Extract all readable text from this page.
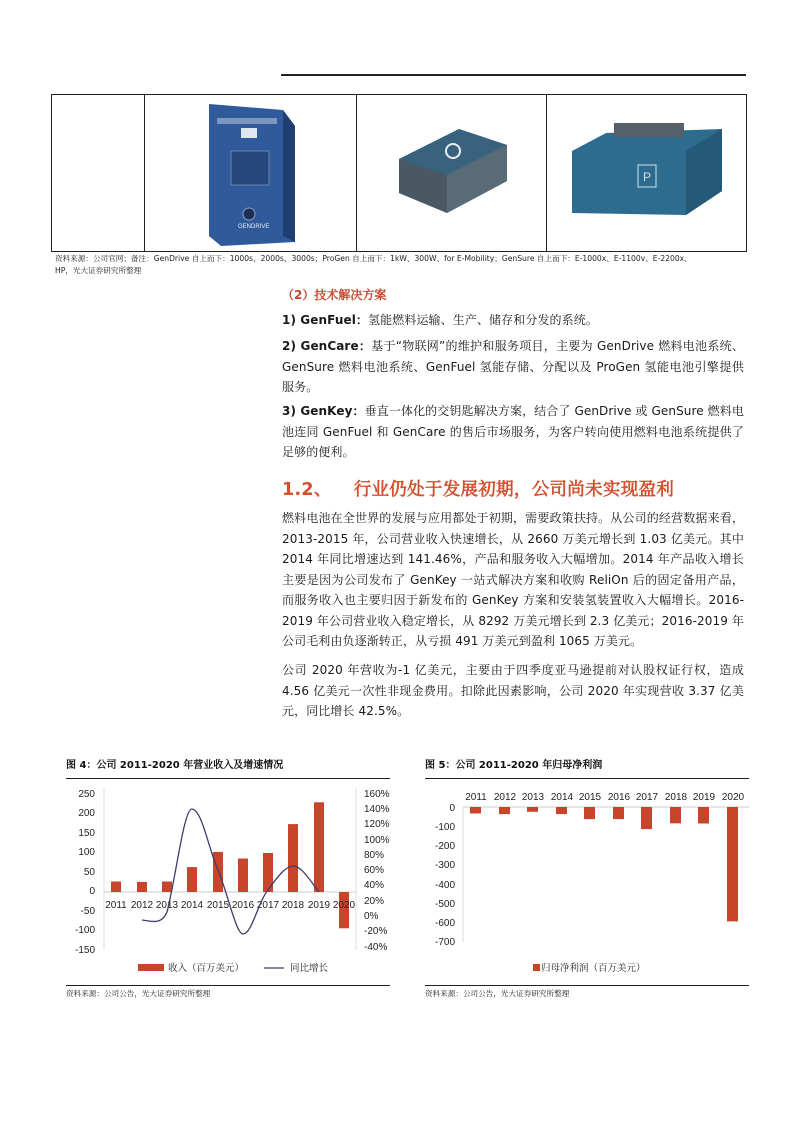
GENDRIVE

P
资料来源：公司官网；备注：GenDrive 自上而下：1000s、2000s、3000s；ProGen 自上而下：1kW、300W、for E-Mobility；GenSure 自上而下：E-1000x、E-1100v、E-2200x、
HP，光大证券研究所整理
（2）技术解决方案

1) GenFuel：氢能燃料运输、生产、储存和分发的系统。

2) GenCare：基于“物联网”的维护和服务项目，主要为 GenDrive 燃料电池系统、GenSure 燃料电池系统、GenFuel 氢能存储、分配以及 ProGen 氢能电池引擎提供服务。

3) GenKey：垂直一体化的交钥匙解决方案，结合了 GenDrive 或 GenSure 燃料电池连同 GenFuel 和 GenCare 的售后市场服务，为客户转向使用燃料电池系统提供了足够的便利。

1.2、 行业仍处于发展初期，公司尚未实现盈利

燃料电池在全世界的发展与应用都处于初期，需要政策扶持。从公司的经营数据来看，2013-2015 年，公司营业收入快速增长，从 2660 万美元增长到 1.03 亿美元。其中 2014 年同比增速达到 141.46%，产品和服务收入大幅增加。2014 年产品收入增长主要是因为公司发布了 GenKey 一站式解决方案和收购 ReliOn 后的固定备用产品，而服务收入也主要归因于新发布的 GenKey 方案和安装氢装置收入大幅增长。2016-2019 年公司营业收入稳定增长，从 8292 万美元增长到 2.3 亿美元；2016-2019 年公司毛利由负逐渐转正，从亏损 491 万美元到盈利 1065 万美元。

公司 2020 年营收为-1 亿美元，主要由于四季度亚马逊提前对认股权证行权，造成 4.56 亿美元一次性非现金费用。扣除此因素影响，公司 2020 年实现营收 3.37 亿美元，同比增长 42.5%。

图 4：公司 2011-2020 年营业收入及增速情况
250
200
150
100
50
0
-50
-100
-150
160%
140%
120%
100%
80%
60%
40%
20%
0%
-20%
-40%
2011 2012 2013 2014 2015 2016 2017 2018 2019 2020
收入（百万美元）	同比增长
资料来源：公司公告，光大证券研究所整理
图 5：公司 2011-2020 年归母净利润
2011 2012 2013 2014 2015 2016 2017 2018 2019 2020
0
-100
-200
-300
-400
-500
-600
-700
归母净利润（百万美元）
资料来源：公司公告，光大证券研究所整理
